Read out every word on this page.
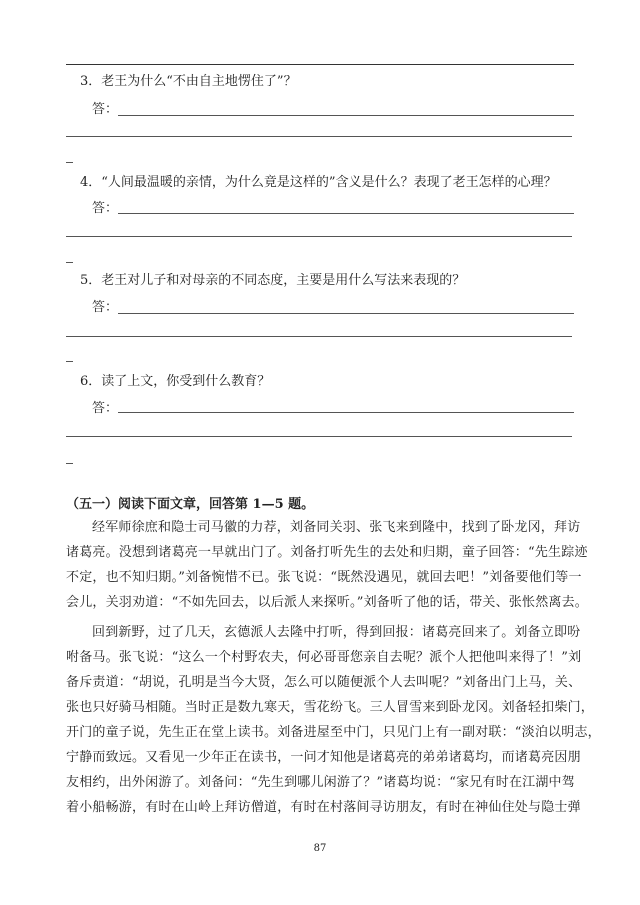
3．老王为什么“不由自主地愣住了”？
答：
4．“人间最温暖的亲情，为什么竟是这样的”含义是什么？表现了老王怎样的心理？
答：
5．老王对儿子和对母亲的不同态度，主要是用什么写法来表现的？
答：
6．读了上文，你受到什么教育？
答：
（五一）阅读下面文章，回答第 1—5 题。
经军师徐庶和隐士司马徽的力荐，刘备同关羽、张飞来到隆中，找到了卧龙冈，拜访
诸葛亮。没想到诸葛亮一早就出门了。刘备打听先生的去处和归期，童子回答：“先生踪迹
不定，也不知归期。”刘备惋惜不已。张飞说：“既然没遇见，就回去吧！”刘备要他们等一
会儿，关羽劝道：“不如先回去，以后派人来探听。”刘备听了他的话，带关、张怅然离去。
回到新野，过了几天，玄德派人去隆中打听，得到回报：诸葛亮回来了。刘备立即吩
咐备马。张飞说：“这么一个村野农夫，何必哥哥您亲自去呢？派个人把他叫来得了！”刘
备斥责道：“胡说，孔明是当今大贤，怎么可以随便派个人去叫呢？”刘备出门上马，关、
张也只好骑马相随。当时正是数九寒天，雪花纷飞。三人冒雪来到卧龙冈。刘备轻扣柴门，
开门的童子说，先生正在堂上读书。刘备进屋至中门，只见门上有一副对联：“淡泊以明志，
宁静而致远。又看见一少年正在读书，一问才知他是诸葛亮的弟弟诸葛均，而诸葛亮因朋
友相约，出外闲游了。刘备问：“先生到哪儿闲游了？”诸葛均说：“家兄有时在江湖中驾
着小船畅游，有时在山岭上拜访僧道，有时在村落间寻访朋友，有时在神仙住处与隐士弹
87
